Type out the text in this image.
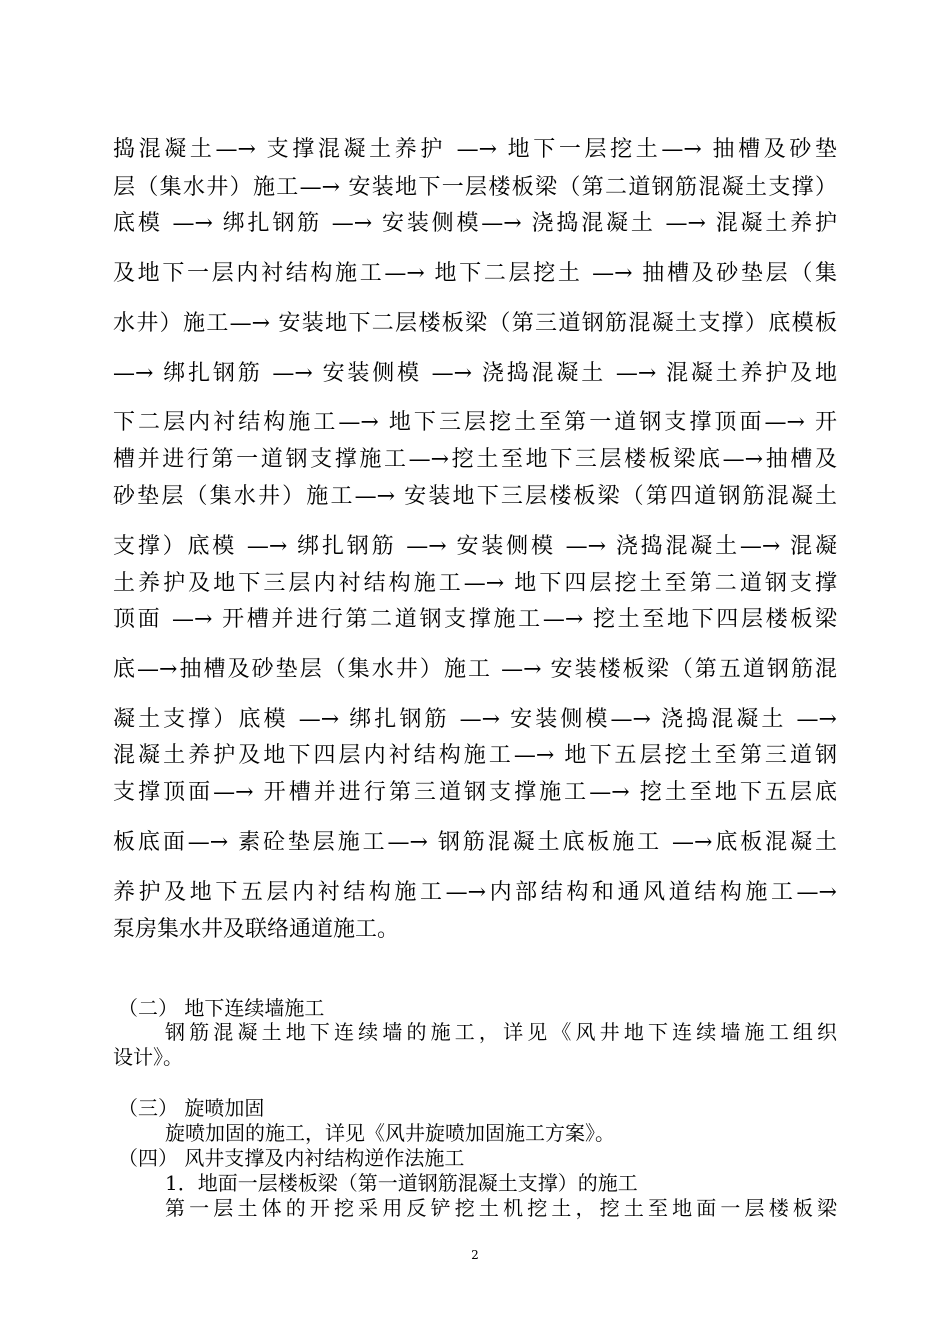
捣混凝土—→ 支撑混凝土养护 —→ 地下一层挖土—→ 抽槽及砂垫
层（集水井）施工—→ 安装地下一层楼板梁（第二道钢筋混凝土支撑）
底模 —→ 绑扎钢筋 —→ 安装侧模—→ 浇捣混凝土 —→ 混凝土养护
及地下一层内衬结构施工—→ 地下二层挖土 —→ 抽槽及砂垫层（集
水井）施工—→ 安装地下二层楼板梁（第三道钢筋混凝土支撑）底模板
—→ 绑扎钢筋 —→ 安装侧模 —→ 浇捣混凝土 —→ 混凝土养护及地
下二层内衬结构施工—→ 地下三层挖土至第一道钢支撑顶面—→ 开
槽并进行第一道钢支撑施工—→挖土至地下三层楼板梁底—→抽槽及
砂垫层（集水井）施工—→ 安装地下三层楼板梁（第四道钢筋混凝土
支撑）底模 —→ 绑扎钢筋 —→ 安装侧模 —→ 浇捣混凝土—→ 混凝
土养护及地下三层内衬结构施工—→ 地下四层挖土至第二道钢支撑
顶面 —→ 开槽并进行第二道钢支撑施工—→ 挖土至地下四层楼板梁
底—→抽槽及砂垫层（集水井）施工 —→ 安装楼板梁（第五道钢筋混
凝土支撑）底模 —→ 绑扎钢筋 —→ 安装侧模—→ 浇捣混凝土 —→
混凝土养护及地下四层内衬结构施工—→ 地下五层挖土至第三道钢
支撑顶面—→ 开槽并进行第三道钢支撑施工—→ 挖土至地下五层底
板底面—→ 素砼垫层施工—→ 钢筋混凝土底板施工 —→底板混凝土
养护及地下五层内衬结构施工—→内部结构和通风道结构施工—→
泵房集水井及联络通道施工。
（二） 地下连续墙施工
钢筋混凝土地下连续墙的施工，详见《风井地下连续墙施工组织
设计》。
（三） 旋喷加固
旋喷加固的施工，详见《风井旋喷加固施工方案》。
（四） 风井支撑及内衬结构逆作法施工
1．地面一层楼板梁（第一道钢筋混凝土支撑）的施工
第一层土体的开挖采用反铲挖土机挖土，挖土至地面一层楼板梁
2
